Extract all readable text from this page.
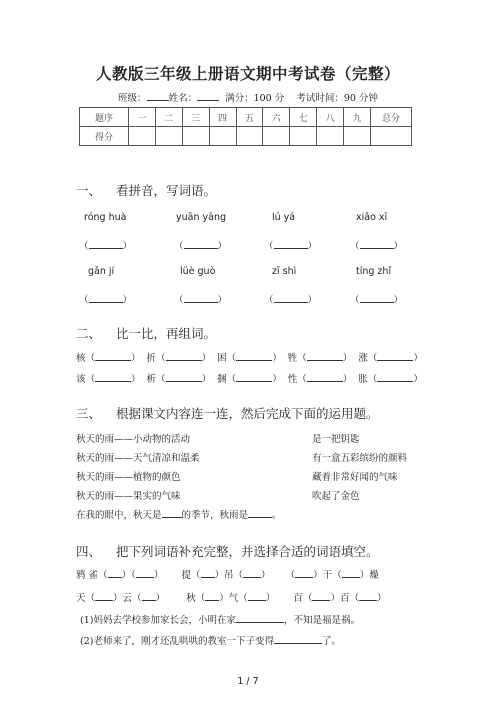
人教版三年级上册语文期中考试卷（完整）
班级： 姓名：	满分：100 分 考试时间：90 分钟
题序	一	二	三	四	五	六	七	八	九	总分
得分										
一、 看拼音，写词语。
róng huà	yuān yāng	lú yá	xiǎo xī
（	）	（	）	（	）	（	）
gǎn jí	lüè guò	zī shì	tíng zhǐ
（	）	（	）	（	）	（	）
二、 比一比，再组词。
核（	）  折（	）  困（	）  牲（	）  涨（	）
该（	）  析（	）  捆（	）  性（	）  胀（	）
三、 根据课文内容连一连，然后完成下面的运用题。
秋天的雨——小动物的活动	是一把钥匙
秋天的雨——天气清凉和温柔	有一盒五彩缤纷的颜料
秋天的雨——植物的颜色	藏着非常好闻的气味
秋天的雨——果实的气味	吹起了金色
在我的眼中，秋天是 的季节，秋雨是	。
四、 把下列词语补充完整，并选择合适的词语填空。
鸦 雀（ ）（ ）      提（ ）吊（ ）     （ ）干（ ）燥
天（ ）云（ ）       秋（ ）气（ ）      百（ ）百（ ）
(1)妈妈去学校参加家长会，小明在家	，不知是福是祸。
(2)老师来了，刚才还乱哄哄的教室一下子变得	了。
1 / 7
